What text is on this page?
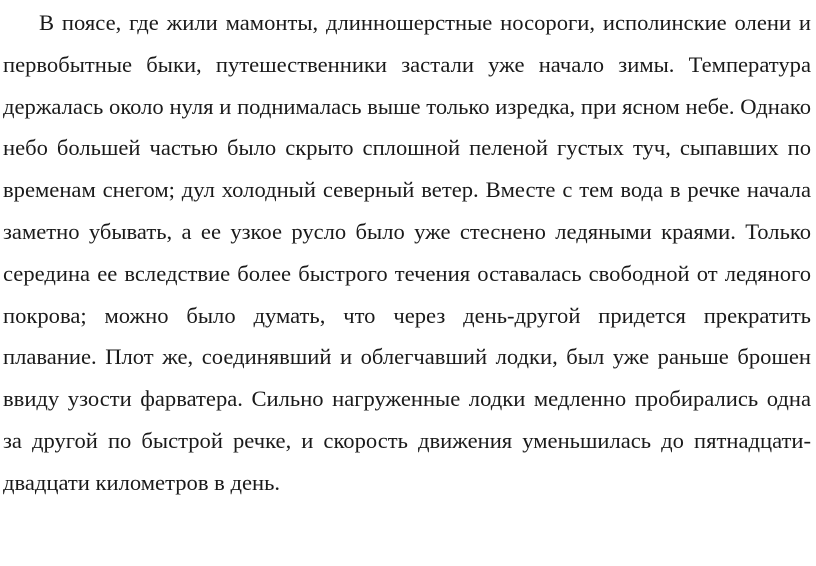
В поясе, где жили мамонты, длинношерстные носороги, исполинские олени и первобытные быки, путешественники застали уже начало зимы. Температура держалась около нуля и поднималась выше только изредка, при ясном небе. Однако небо большей частью было скрыто сплошной пеленой густых туч, сыпавших по временам снегом; дул холодный северный ветер. Вместе с тем вода в речке начала заметно убывать, а ее узкое русло было уже стеснено ледяными краями. Только середина ее вследствие более быстрого течения оставалась свободной от ледяного покрова; можно было думать, что через день-другой придется прекратить плавание. Плот же, соединявший и облегчавший лодки, был уже раньше брошен ввиду узости фарватера. Сильно нагруженные лодки медленно пробирались одна за другой по быстрой речке, и скорость движения уменьшилась до пятнадцати-двадцати километров в день.
